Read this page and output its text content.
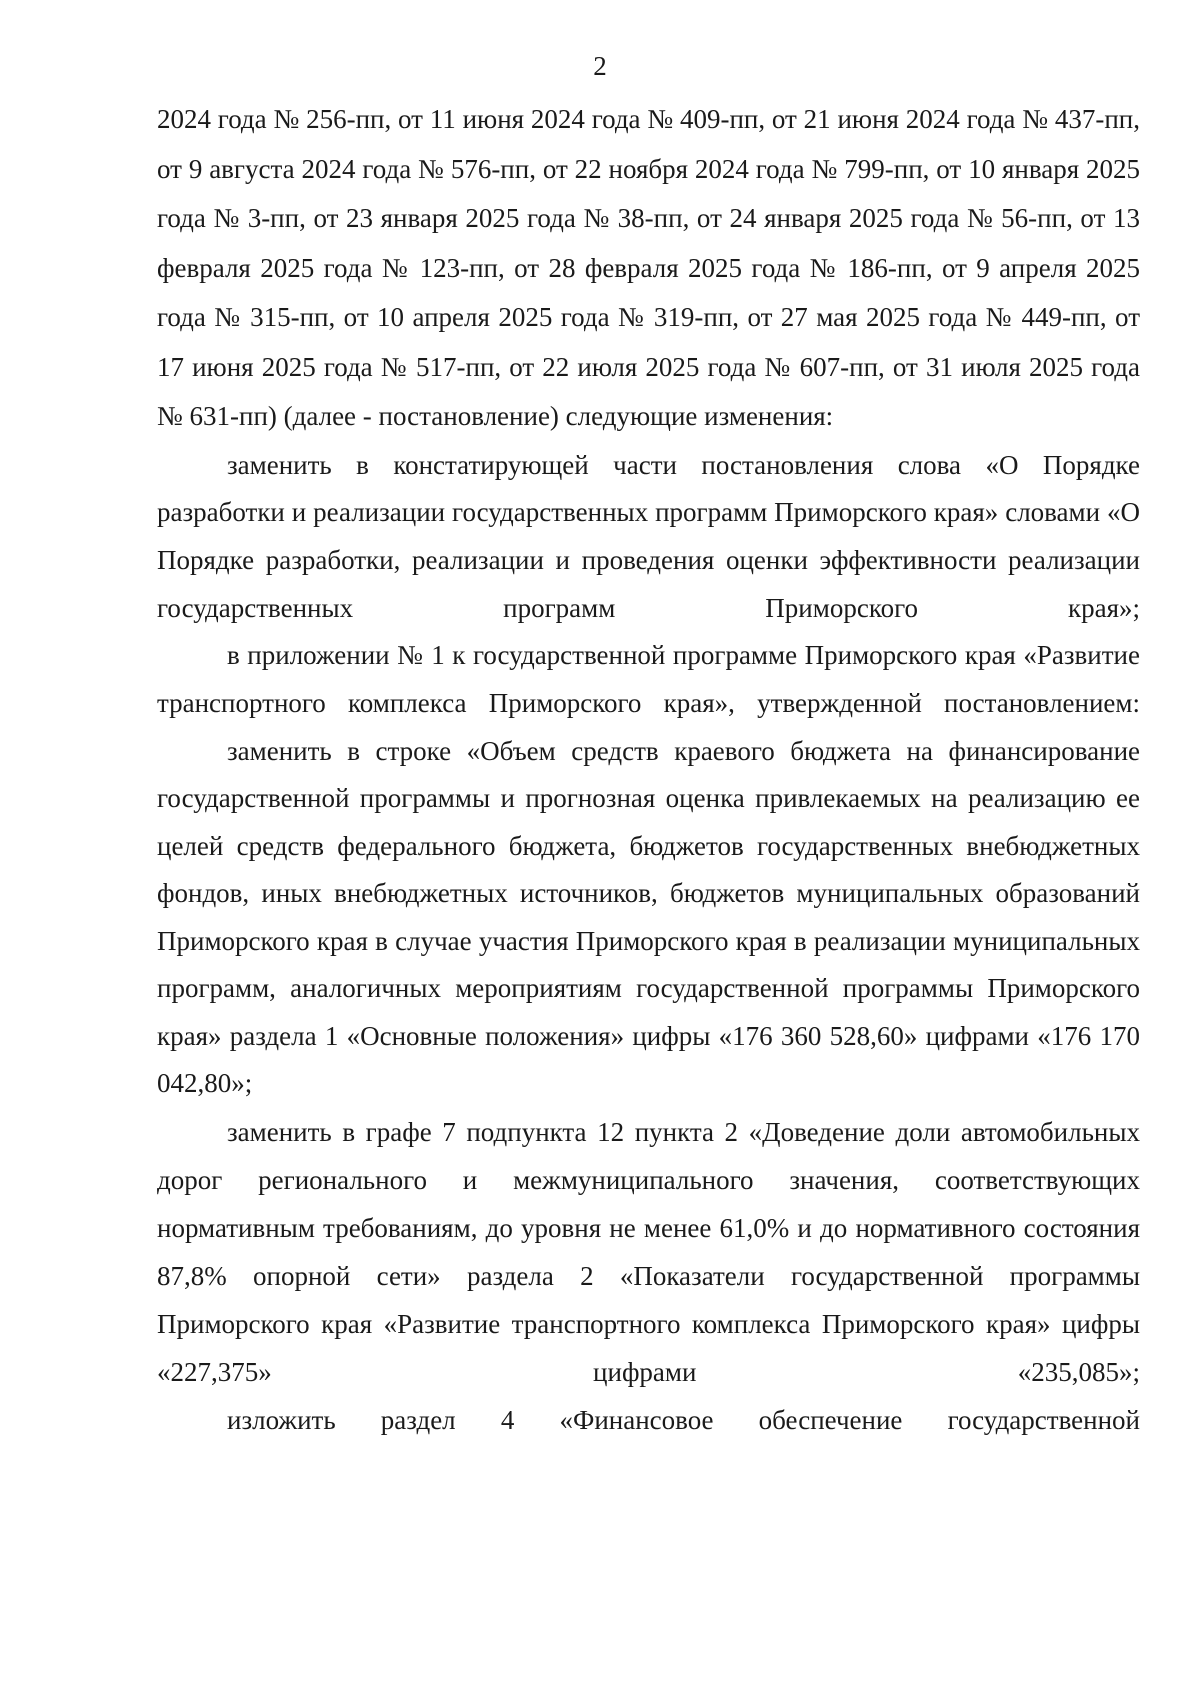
2

2024 года № 256-пп, от 11 июня 2024 года № 409-пп, от 21 июня 2024 года № 437-пп, от 9 августа 2024 года № 576-пп, от 22 ноября 2024 года № 799-пп, от 10 января 2025 года № 3-пп, от 23 января 2025 года № 38-пп, от 24 января 2025 года № 56-пп, от 13 февраля 2025 года № 123-пп, от 28 февраля 2025 года № 186-пп, от 9 апреля 2025 года № 315-пп, от 10 апреля 2025 года № 319-пп, от 27 мая 2025 года № 449-пп, от 17 июня 2025 года № 517-пп, от 22 июля 2025 года № 607-пп, от 31 июля 2025 года № 631-пп) (далее - постановление) следующие изменения:

заменить в констатирующей части постановления слова «О Порядке разработки и реализации государственных программ Приморского края» словами «О Порядке разработки, реализации и проведения оценки эффективности реализации государственных программ Приморского края»;

в приложении № 1 к государственной программе Приморского края «Развитие транспортного комплекса Приморского края», утвержденной постановлением:

заменить в строке «Объем средств краевого бюджета на финансирование государственной программы и прогнозная оценка привлекаемых на реализацию ее целей средств федерального бюджета, бюджетов государственных внебюджетных фондов, иных внебюджетных источников, бюджетов муниципальных образований Приморского края в случае участия Приморского края в реализации муниципальных программ, аналогичных мероприятиям государственной программы Приморского края» раздела 1 «Основные положения» цифры «176 360 528,60» цифрами «176 170 042,80»;

заменить в графе 7 подпункта 12 пункта 2 «Доведение доли автомобильных дорог регионального и межмуниципального значения, соответствующих нормативным требованиям, до уровня не менее 61,0% и до нормативного состояния 87,8% опорной сети» раздела 2 «Показатели государственной программы Приморского края «Развитие транспортного комплекса Приморского края» цифры «227,375» цифрами «235,085»;

изложить раздел 4 «Финансовое обеспечение государственной
